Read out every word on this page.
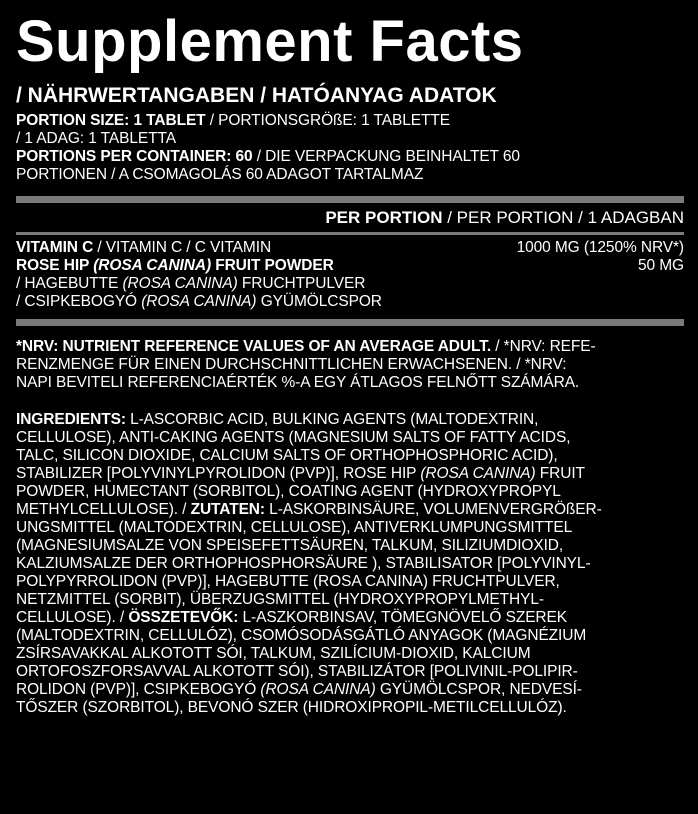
Supplement Facts
/ NÄHRWERTANGABEN / HATÓANYAG ADATOK
PORTION SIZE: 1 TABLET / PORTIONSGRÖßE: 1 TABLETTE
/ 1 ADAG: 1 TABLETTA
PORTIONS PER CONTAINER: 60 / DIE VERPACKUNG BEINHALTET 60
PORTIONEN / A CSOMAGOLÁS 60 ADAGOT TARTALMAZ
PER PORTION / PER PORTION / 1 ADAGBAN
VITAMIN C / VITAMIN C / C VITAMIN	1000 MG (1250% NRV*)
ROSE HIP (ROSA CANINA) FRUIT POWDER	50 MG
/ HAGEBUTTE (ROSA CANINA) FRUCHTPULVER
/ CSIPKEBOGYÓ (ROSA CANINA) GYÜMÖLCSPOR
*NRV: NUTRIENT REFERENCE VALUES OF AN AVERAGE ADULT. / *NRV: REFE-
RENZMENGE FÜR EINEN DURCHSCHNITTLICHEN ERWACHSENEN. / *NRV:
NAPI BEVITELI REFERENCIAÉRTÉK %-A EGY ÁTLAGOS FELNŐTT SZÁMÁRA.
INGREDIENTS: L-ASCORBIC ACID, BULKING AGENTS (MALTODEXTRIN,
CELLULOSE), ANTI-CAKING AGENTS (MAGNESIUM SALTS OF FATTY ACIDS,
TALC, SILICON DIOXIDE, CALCIUM SALTS OF ORTHOPHOSPHORIC ACID),
STABILIZER [POLYVINYLPYROLIDON (PVP)], ROSE HIP (ROSA CANINA) FRUIT
POWDER, HUMECTANT (SORBITOL), COATING AGENT (HYDROXYPROPYL
METHYLCELLULOSE). / ZUTATEN: L-ASKORBINSÄURE, VOLUMENVERGRÖßER-
UNGSMITTEL (MALTODEXTRIN, CELLULOSE), ANTIVERKLUMPUNGSMITTEL
(MAGNESIUMSALZE VON SPEISEFETTSÄUREN, TALKUM, SILIZIUMDIOXID,
KALZIUMSALZE DER ORTHOPHOSPHORSÄURE ), STABILISATOR [POLYVINYL-
POLYPYRROLIDON (PVP)], HAGEBUTTE (ROSA CANINA) FRUCHTPULVER,
NETZMITTEL (SORBIT), ÜBERZUGSMITTEL (HYDROXYPROPYLMETHYL-
CELLULOSE). / ÖSSZETEVŐK: L-ASZKORBINSAV, TÖMEGNÖVELŐ SZEREK
(MALTODEXTRIN, CELLULÓZ), CSOMÓSODÁSGÁTLÓ ANYAGOK (MAGNÉZIUM
ZSÍRSAVAKKAL ALKOTOTT SÓI, TALKUM, SZILÍCIUM-DIOXID, KALCIUM
ORTOFOSZFORSAVVAL ALKOTOTT SÓI), STABILIZÁTOR [POLIVINIL-POLIPIR-
ROLIDON (PVP)], CSIPKEBOGYÓ (ROSA CANINA) GYÜMÖLCSPOR, NEDVESÍ-
TŐSZER (SZORBITOL), BEVONÓ SZER (HIDROXIPROPIL-METILCELLULÓZ).
